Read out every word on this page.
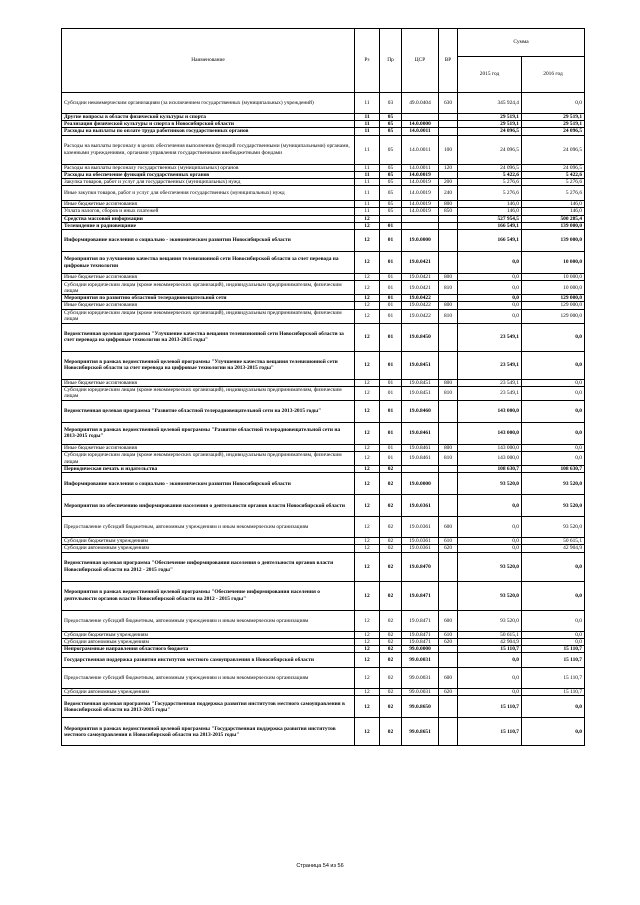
Наименование	Рз	Пр	ЦСР	ВР	Сумма	
					2015 год	2016 год
Субсидии некоммерческим организациям (за исключением государственных (муниципальных) учреждений)	11	03	49.0.0404	630	345 924,4	0,0
Другие вопросы в области физической культуры и спорта	11	05			29 519,1	29 519,1
Реализация физической культуры и спорта в Новосибирской области	11	05	14.0.0000		29 519,1	29 519,1
Расходы на выплаты по оплате труда работников государственных органов	11	05	14.0.0011		24 096,5	24 096,5
Расходы на выплаты персоналу в целях обеспечения выполнения функций государственными (муниципальными) органами, казенными учреждениями, органами управления государственными внебюджетными фондами	11	05	14.0.0011	100	24 096,5	24 096,5
Расходы на выплаты персоналу государственных (муниципальных) органов	11	05	14.0.0011	120	24 096,5	24 096,5
Расходы на обеспечение функций государственных органов	11	05	14.0.0019		5 422,6	5 422,6
Закупка товаров, работ и услуг для государственных (муниципальных) нужд	11	05	14.0.0019	200	5 276,6	5 276,6
Иные закупки товаров, работ и услуг для обеспечения государственных (муниципальных) нужд	11	05	14.0.0019	240	5 276,6	5 276,6
Иные бюджетные ассигнования	11	05	14.0.0019	800	146,0	146,0
Уплата налогов, сборов и иных платежей	11	05	14.0.0019	850	146,0	146,0
Средства массовой информации	12				527 954,5	500 285,4
Телевидение и радиовещание	12	01			166 549,1	139 000,0
Информирование населения о социально - экономическом развитии Новосибирской области	12	01	19.0.0000		166 549,1	139 000,0
Мероприятия по улучшению качества вещания телевизионной сети Новосибирской области за счет перевода на цифровые технологии	12	01	19.0.0421		0,0	10 000,0
Иные бюджетные ассигнования	12	01	19.0.0421	800	0,0	10 000,0
Субсидии юридическим лицам (кроме некоммерческих организаций), индивидуальным предпринимателям, физическим лицам	12	01	19.0.0421	810	0,0	10 000,0
Мероприятия по развитию областной телерадиовещательной сети	12	01	19.0.0422		0,0	129 000,0
Иные бюджетные ассигнования	12	01	19.0.0422	800	0,0	129 000,0
Субсидии юридическим лицам (кроме некоммерческих организаций), индивидуальным предпринимателям, физическим лицам	12	01	19.0.0422	810	0,0	129 000,0
Ведомственная целевая программа "Улучшение качества вещания телевизионной сети Новосибирской области за счет перевода на цифровые технологии на 2013-2015 годы"	12	01	19.0.8450		23 549,1	0,0
Мероприятия в рамках ведомственной целевой программы "Улучшение качества вещания телевизионной сети Новосибирской области за счет перевода на цифровые технологии на 2013-2015 годы"	12	01	19.0.8451		23 549,1	0,0
Иные бюджетные ассигнования	12	01	19.0.8451	800	23 549,1	0,0
Субсидии юридическим лицам (кроме некоммерческих организаций), индивидуальным предпринимателям, физическим лицам	12	01	19.0.8451	810	23 549,1	0,0
Ведомственная целевая программа "Развитие областной телерадиовещательной сети на 2013-2015 годы"	12	01	19.0.8460		143 000,0	0,0
Мероприятия в рамках ведомственной целевой программы "Развитие областной телерадиовещательной сети на 2013-2015 годы"	12	01	19.0.8461		143 000,0	0,0
Иные бюджетные ассигнования	12	01	19.0.8461	800	143 000,0	0,0
Субсидии юридическим лицам (кроме некоммерческих организаций), индивидуальным предпринимателям, физическим лицам	12	01	19.0.8461	810	143 000,0	0,0
Периодическая печать и издательства	12	02			108 630,7	108 630,7
Информирование населения о социально - экономическом развитии Новосибирской области	12	02	19.0.0000		93 520,0	93 520,0
Мероприятия по обеспечению информирования населения о деятельности органов власти Новосибирской области	12	02	19.0.0361		0,0	93 520,0
Предоставление субсидий бюджетным, автономным учреждениям и иным некоммерческим организациям	12	02	19.0.0361	600	0,0	93 520,0
Субсидии бюджетным учреждениям	12	02	19.0.0361	610	0,0	50 615,1
Субсидии автономным учреждениям	12	02	19.0.0361	620	0,0	42 904,9
Ведомственная целевая программа "Обеспечение информирования населения о деятельности органов власти Новосибирской области на 2012 - 2015 годы"	12	02	19.0.8470		93 520,0	0,0
Мероприятия в рамках ведомственной целевой программы "Обеспечение информирования населения о деятельности органов власти Новосибирской области на 2012 - 2015 годы"	12	02	19.0.8471		93 520,0	0,0
Предоставление субсидий бюджетным, автономным учреждениям и иным некоммерческим организациям	12	02	19.0.8471	600	93 520,0	0,0
Субсидии бюджетным учреждениям	12	02	19.0.8471	610	50 615,1	0,0
Субсидии автономным учреждениям	12	02	19.0.8471	620	42 904,9	0,0
Непрограммные направления областного бюджета	12	02	99.0.0000		15 110,7	15 110,7
Государственная поддержка развития институтов местного самоуправления в Новосибирской области	12	02	99.0.0031		0,0	15 110,7
Предоставление субсидий бюджетным, автономным учреждениям и иным некоммерческим организациям	12	02	99.0.0031	600	0,0	15 110,7
Субсидии автономным учреждениям	12	02	99.0.0031	620	0,0	15 110,7
Ведомственная целевая программа "Государственная поддержка развития институтов местного самоуправления в Новосибирской области на 2013-2015 годы"	12	02	99.0.8650		15 110,7	0,0
Мероприятия в рамках ведомственной целевой программы "Государственная поддержка развития институтов местного самоуправления в Новосибирской области на 2013-2015 годы"	12	02	99.0.8651		15 110,7	0,0
Страница 54 из 56
